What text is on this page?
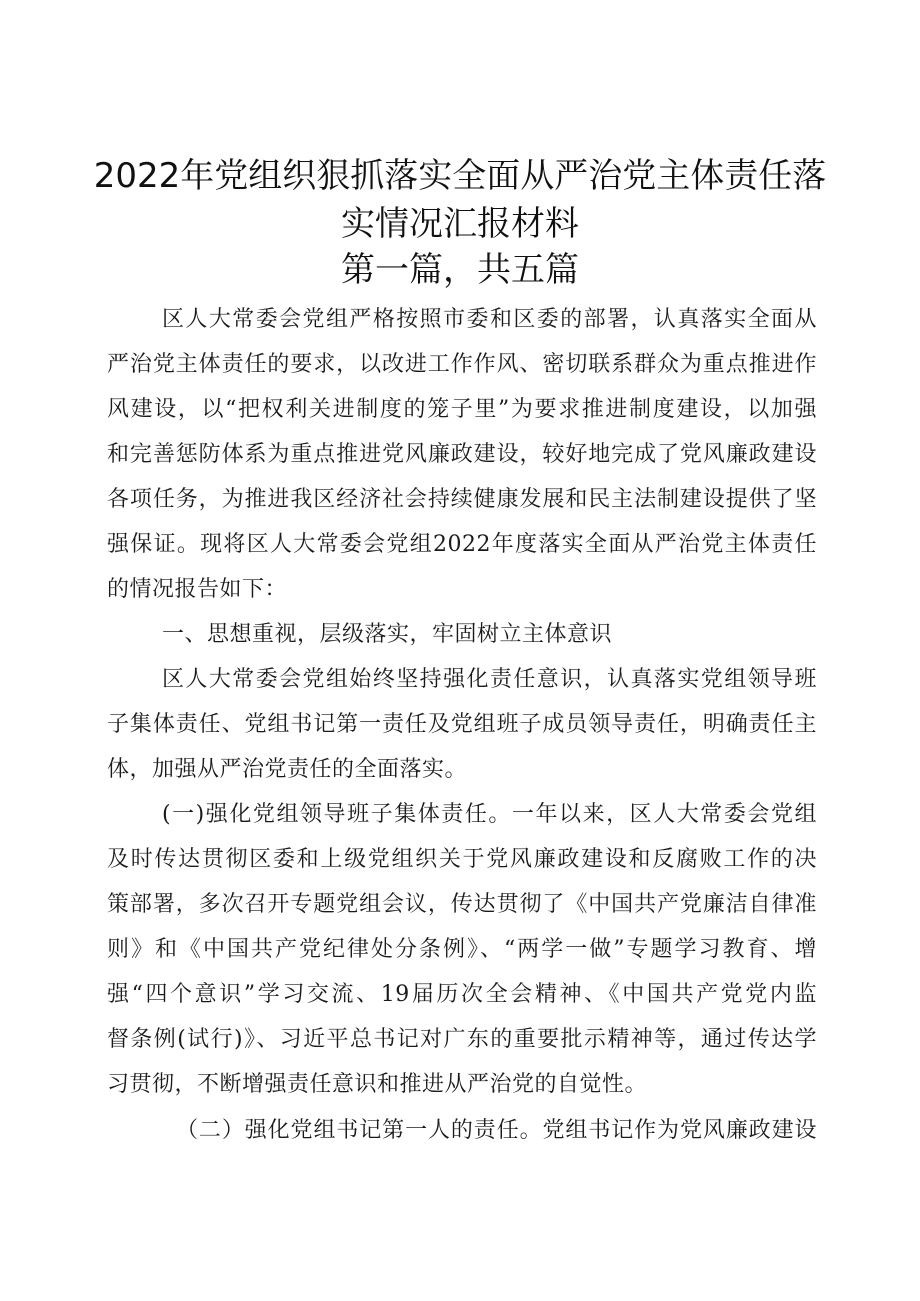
2022年党组织狠抓落实全面从严治党主体责任落
实情况汇报材料
第一篇，共五篇
区人大常委会党组严格按照市委和区委的部署，认真落实全面从
严治党主体责任的要求，以改进工作作风、密切联系群众为重点推进作
风建设，以“把权利关进制度的笼子里”为要求推进制度建设，以加强
和完善惩防体系为重点推进党风廉政建设，较好地完成了党风廉政建设
各项任务，为推进我区经济社会持续健康发展和民主法制建设提供了坚
强保证。现将区人大常委会党组2022年度落实全面从严治党主体责任
的情况报告如下：
一、思想重视，层级落实，牢固树立主体意识
区人大常委会党组始终坚持强化责任意识，认真落实党组领导班
子集体责任、党组书记第一责任及党组班子成员领导责任，明确责任主
体，加强从严治党责任的全面落实。
(一)强化党组领导班子集体责任。一年以来，区人大常委会党组
及时传达贯彻区委和上级党组织关于党风廉政建设和反腐败工作的决
策部署，多次召开专题党组会议，传达贯彻了《中国共产党廉洁自律准
则》和《中国共产党纪律处分条例》、“两学一做”专题学习教育、增
强“四个意识”学习交流、19届历次全会精神、《中国共产党党内监
督条例(试行)》、习近平总书记对广东的重要批示精神等，通过传达学
习贯彻，不断增强责任意识和推进从严治党的自觉性。
（二）强化党组书记第一人的责任。党组书记作为党风廉政建设
